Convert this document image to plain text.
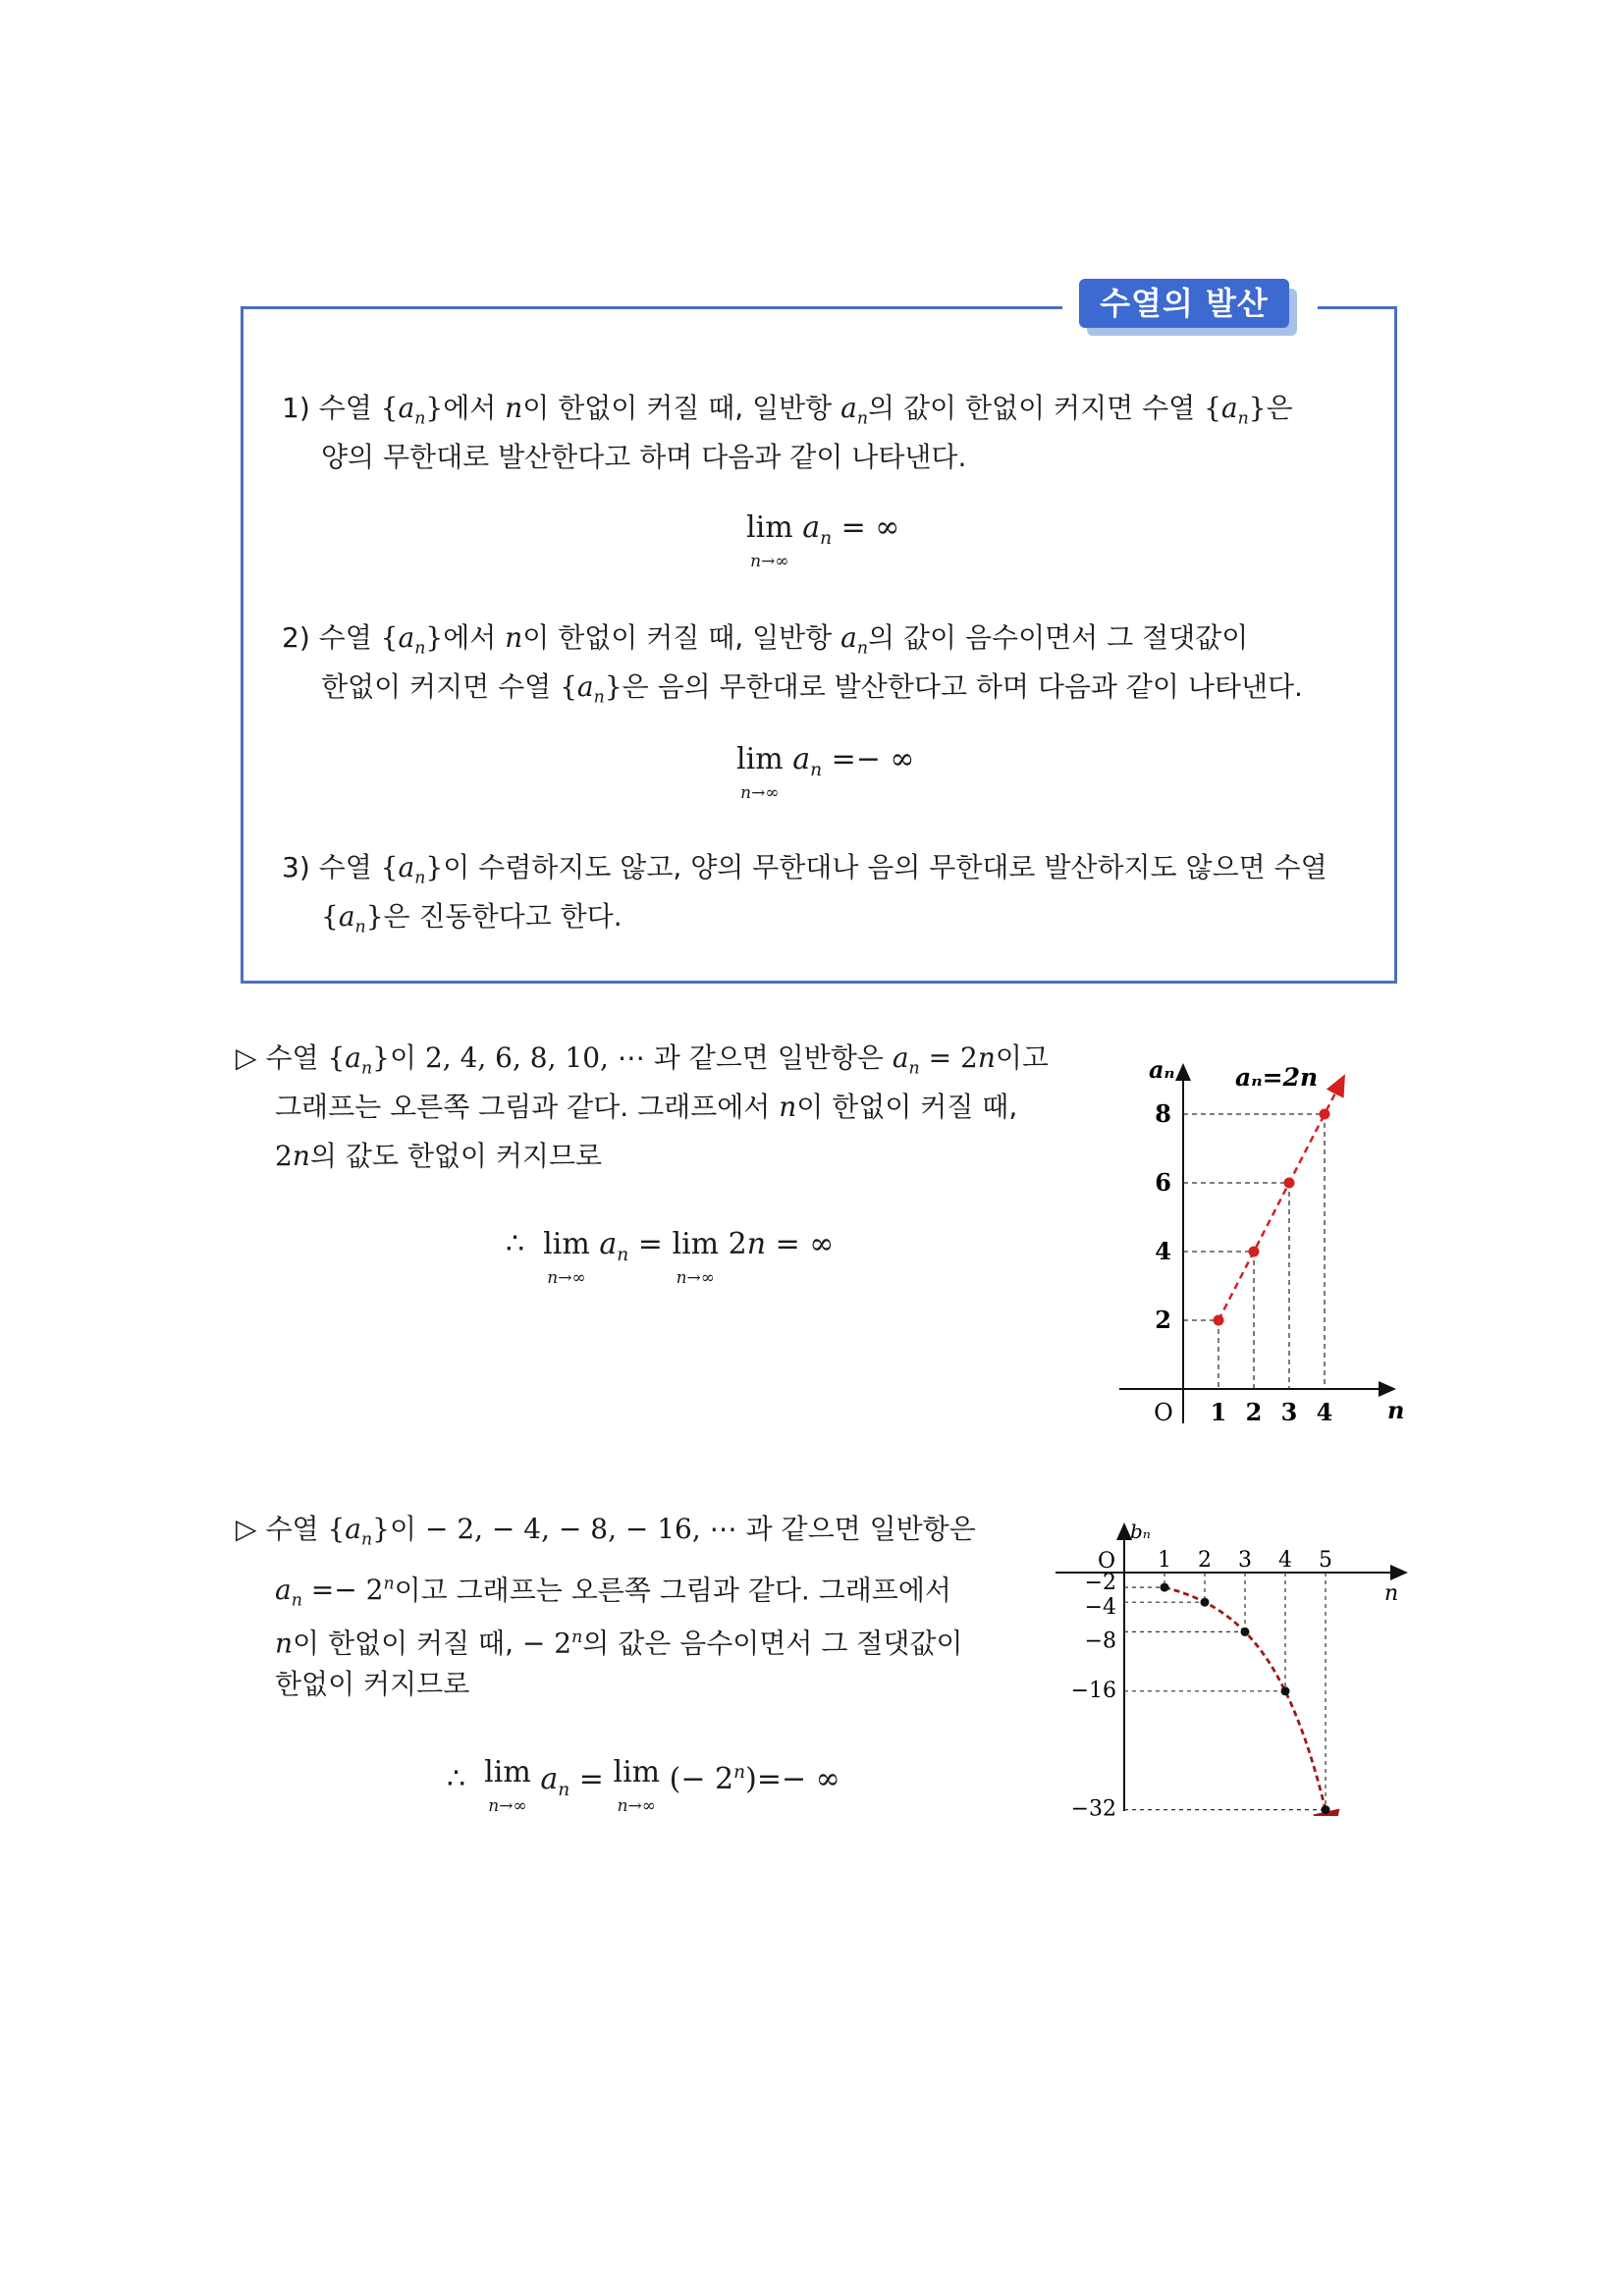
수열의 발산
1) 수열 $\{a_n\}$에서 n이 한없이 커질 때, 일반항 $a_n$의 값이 한없이 커지면 수열 $\{a_n\}$은
양의 무한대로 발산한다고 하며 다음과 같이 나타낸다.
lim
n→∞
$a_n$ = ∞
2) 수열 $\{a_n\}$에서 n이 한없이 커질 때, 일반항 $a_n$의 값이 음수이면서 그 절댓값이
한없이 커지면 수열 $\{a_n\}$은 음의 무한대로 발산한다고 하며 다음과 같이 나타낸다.
lim
n→∞
$a_n$ =− ∞
3) 수열 $\{a_n\}$이 수렴하지도 않고, 양의 무한대나 음의 무한대로 발산하지도 않으면 수열
$\{a_n\}$은 진동한다고 한다.
▷ 수열 $\{a_n\}$이 2, 4, 6, 8, 10, ⋯ 과 같으면 일반항은 $a_n = 2n$이고
그래프는 오른쪽 그림과 같다. 그래프에서 n이 한없이 커질 때,
2n의 값도 한없이 커지므로
∴ lim
n→∞
$a_n = \lim$
n→∞
2n = ∞
O	n
aₙ aₙ=2n
1
2
2
4
3
6
4
8
▷ 수열 $\{a_n\}$이 − 2, − 4, − 8, − 16, ⋯ 과 같으면 일반항은
$a_n =- 2^n$이고 그래프는 오른쪽 그림과 같다. 그래프에서
n이 한없이 커질 때, − $2^n$의 값은 음수이면서 그 절댓값이
한없이 커지므로
∴ lim
n→∞
$a_n = \lim$
n→∞
(− $2^n)=-$ ∞
O
n
bₙ
1
−2
2
−4
3
−8
4
−16
5
−32
